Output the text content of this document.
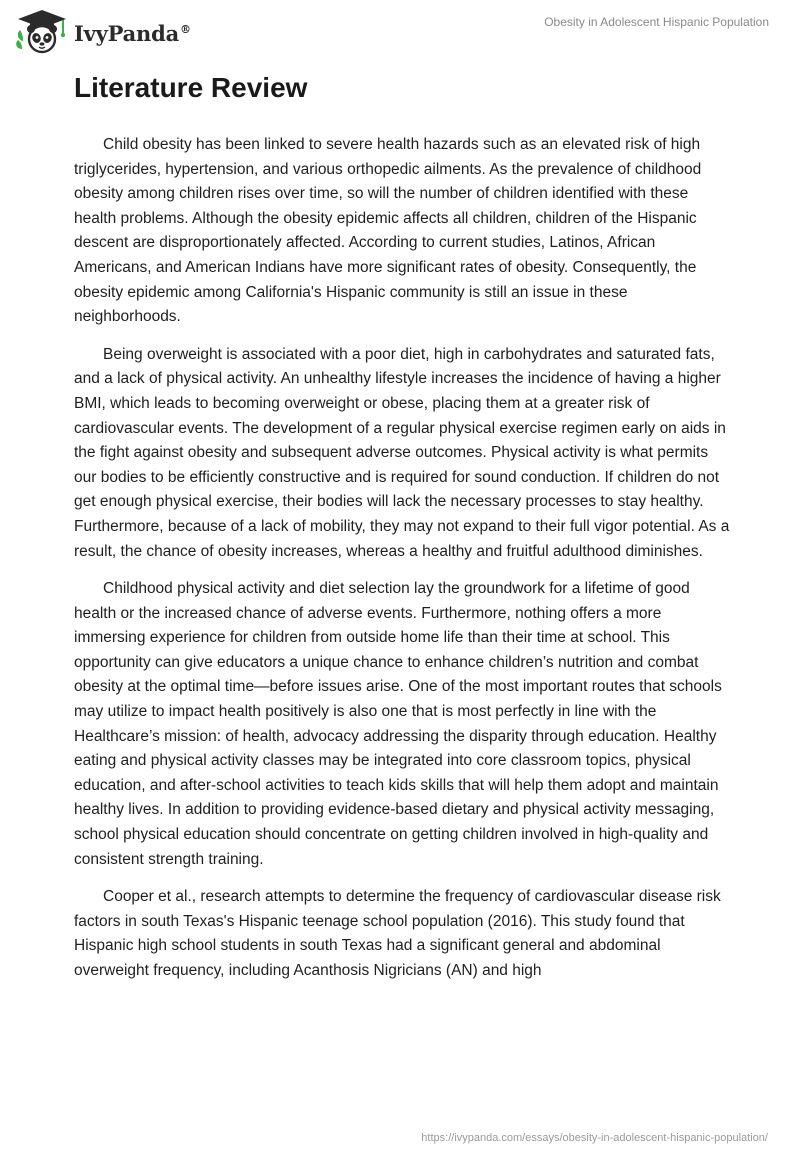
IvyPanda®	Obesity in Adolescent Hispanic Population
Literature Review

Child obesity has been linked to severe health hazards such as an elevated risk of high triglycerides, hypertension, and various orthopedic ailments. As the prevalence of childhood obesity among children rises over time, so will the number of children identified with these health problems. Although the obesity epidemic affects all children, children of the Hispanic descent are disproportionately affected. According to current studies, Latinos, African Americans, and American Indians have more significant rates of obesity. Consequently, the obesity epidemic among California's Hispanic community is still an issue in these neighborhoods.

Being overweight is associated with a poor diet, high in carbohydrates and saturated fats, and a lack of physical activity. An unhealthy lifestyle increases the incidence of having a higher BMI, which leads to becoming overweight or obese, placing them at a greater risk of cardiovascular events. The development of a regular physical exercise regimen early on aids in the fight against obesity and subsequent adverse outcomes. Physical activity is what permits our bodies to be efficiently constructive and is required for sound conduction. If children do not get enough physical exercise, their bodies will lack the necessary processes to stay healthy. Furthermore, because of a lack of mobility, they may not expand to their full vigor potential. As a result, the chance of obesity increases, whereas a healthy and fruitful adulthood diminishes.

Childhood physical activity and diet selection lay the groundwork for a lifetime of good health or the increased chance of adverse events. Furthermore, nothing offers a more immersing experience for children from outside home life than their time at school. This opportunity can give educators a unique chance to enhance children’s nutrition and combat obesity at the optimal time—before issues arise. One of the most important routes that schools may utilize to impact health positively is also one that is most perfectly in line with the Healthcare’s mission: of health, advocacy addressing the disparity through education. Healthy eating and physical activity classes may be integrated into core classroom topics, physical education, and after-school activities to teach kids skills that will help them adopt and maintain healthy lives. In addition to providing evidence-based dietary and physical activity messaging, school physical education should concentrate on getting children involved in high-quality and consistent strength training.

Cooper et al., research attempts to determine the frequency of cardiovascular disease risk factors in south Texas's Hispanic teenage school population (2016). This study found that Hispanic high school students in south Texas had a significant general and abdominal overweight frequency, including Acanthosis Nigricians (AN) and high

https://ivypanda.com/essays/obesity-in-adolescent-hispanic-population/
